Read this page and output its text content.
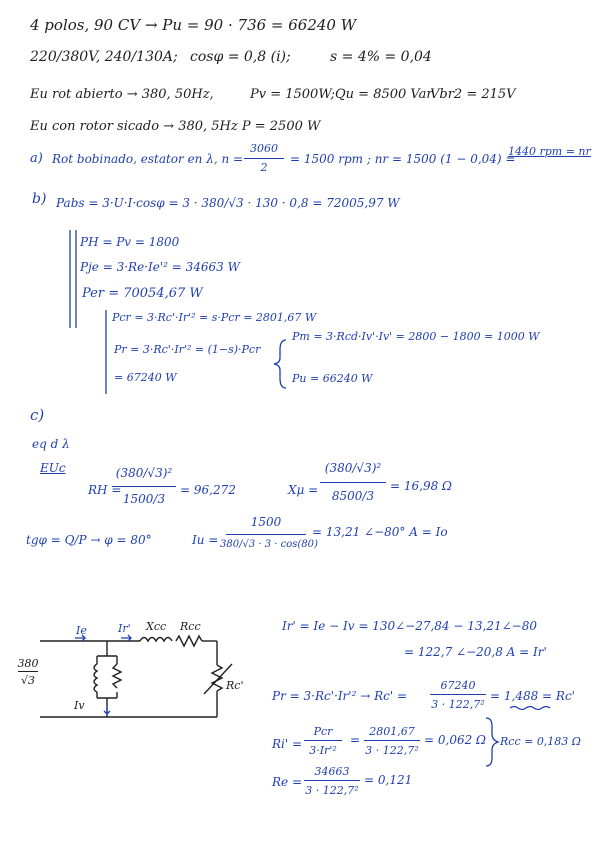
4 polos, 90 CV → Pu = 90 · 736 = 66240 W
220/380V, 240/130A; cosφ = 0,8 (i);	s = 4% = 0,04
Eu rot abierto → 380, 50Hz,	Pv = 1500W; Qu = 8500 Var
Vbr2 = 215V
Eu con rotor sicado → 380, 5Hz P = 2500 W
a) Rot bobinado, estator en λ, n =
3060
2
= 1500 rpm ; nr = 1500 (1 − 0,04) =
1440 rpm = nr
b) Pabs = 3·U·I·cosφ = 3 · 380/√3 · 130 · 0,8 = 72005,97 W
PH = Pv = 1800
Pje = 3·Re·Ie'² = 34663 W
Per = 70054,67 W
Pcr = 3·Rc'·Ir'² = s·Pcr = 2801,67 W
Pr = 3·Rc'·Ir'² = (1−s)·Pcr
= 67240 W
Pm = 3·Rcd·Iv'·Iv' = 2800 − 1800 = 1000 W
Pu = 66240 W
c)
eq d λ
EUc
RH =
(380/√3)²
1500/3
= 96,272	Xμ =
(380/√3)²
8500/3
= 16,98 Ω
tgφ = Q/P → φ = 80°	Iu =
1500
380/√3 · 3 · cos(80)
= 13,21 ∠−80° A = Io
380
√3
Ie	Ir' Xcc Rcc
Iv
Rc'
Ir' = Ie − Iv = 130∠−27,84 − 13,21∠−80
= 122,7 ∠−20,8 A = Ir'
Pr = 3·Rc'·Ir'² → Rc' =
67240
3 · 122,7²
= 1,488 = Rc'
Ri' =
Pcr
3·Ir'²
=
2801,67
3 · 122,7²
= 0,062 Ω Rcc = 0,183 Ω
Re =
34663
3 · 122,7²
= 0,121
